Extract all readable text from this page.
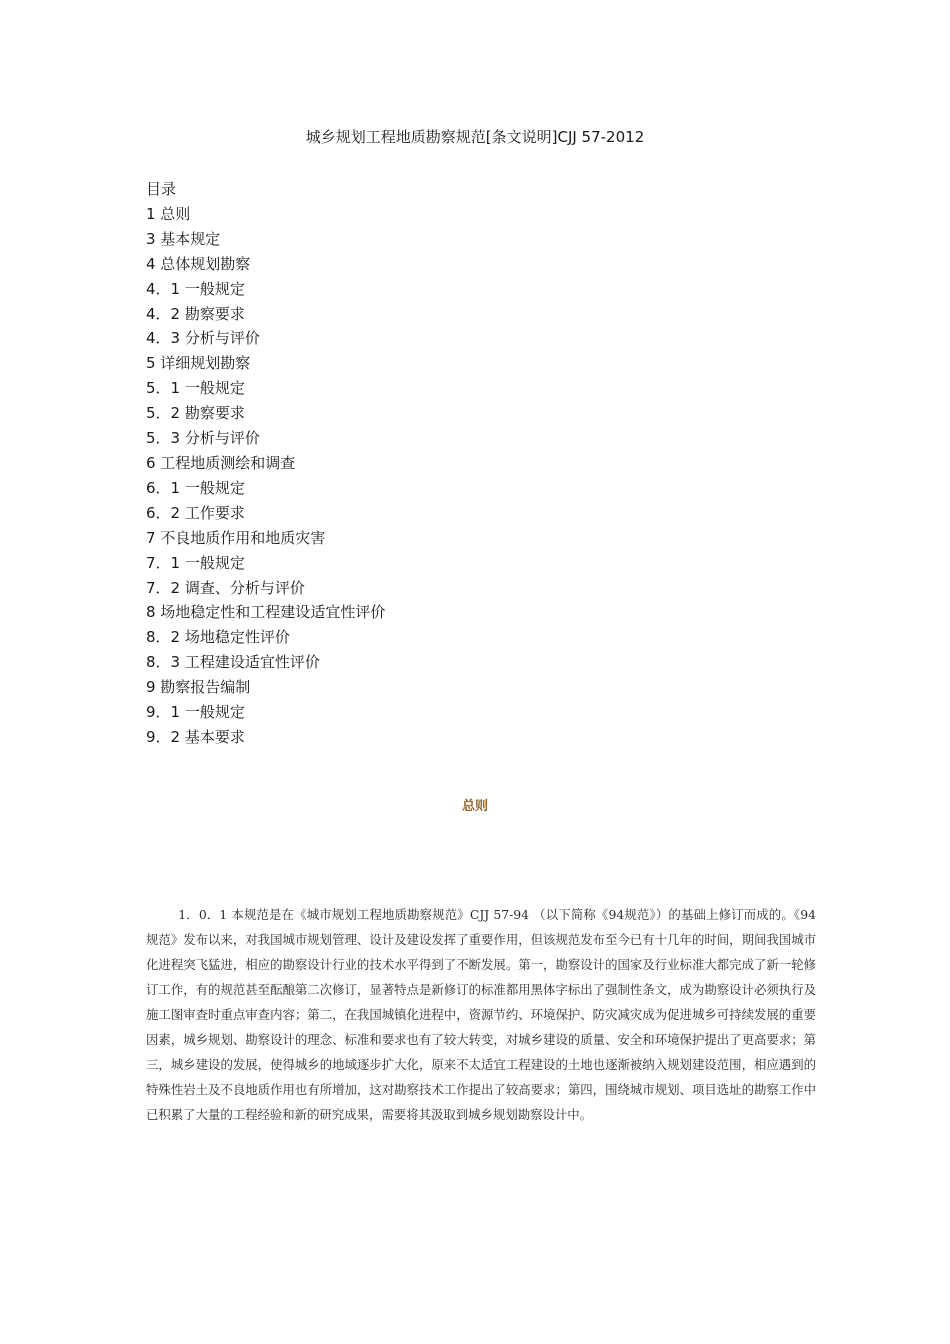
城乡规划工程地质勘察规范[条文说明]CJJ 57-2012
目录
1 总则
3 基本规定
4 总体规划勘察
4．1 一般规定
4．2 勘察要求
4．3 分析与评价
5 详细规划勘察
5．1 一般规定
5．2 勘察要求
5．3 分析与评价
6 工程地质测绘和调查
6．1 一般规定
6．2 工作要求
7 不良地质作用和地质灾害
7．1 一般规定
7．2 调查、分析与评价
8 场地稳定性和工程建设适宜性评价
8．2 场地稳定性评价
8．3 工程建设适宜性评价
9 勘察报告编制
9．1 一般规定
9．2 基本要求
总则

1．0．1 本规范是在《城市规划工程地质勘察规范》CJJ 57-94 （以下简称《94规范》）的基础上修订而成的。《94规范》发布以来，对我国城市规划管理、设计及建设发挥了重要作用，但该规范发布至今已有十几年的时间，期间我国城市化进程突飞猛进，相应的勘察设计行业的技术水平得到了不断发展。第一，勘察设计的国家及行业标准大都完成了新一轮修订工作，有的规范甚至酝酿第二次修订，显著特点是新修订的标准都用黑体字标出了强制性条文，成为勘察设计必须执行及施工图审查时重点审查内容；第二，在我国城镇化进程中，资源节约、环境保护、防灾减灾成为促进城乡可持续发展的重要因素，城乡规划、勘察设计的理念、标准和要求也有了较大转变，对城乡建设的质量、安全和环境保护提出了更高要求；第三，城乡建设的发展，使得城乡的地域逐步扩大化，原来不太适宜工程建设的土地也逐渐被纳入规划建设范围，相应遇到的特殊性岩土及不良地质作用也有所增加，这对勘察技术工作提出了较高要求；第四，围绕城市规划、项目选址的勘察工作中已积累了大量的工程经验和新的研究成果，需要将其汲取到城乡规划勘察设计中。
